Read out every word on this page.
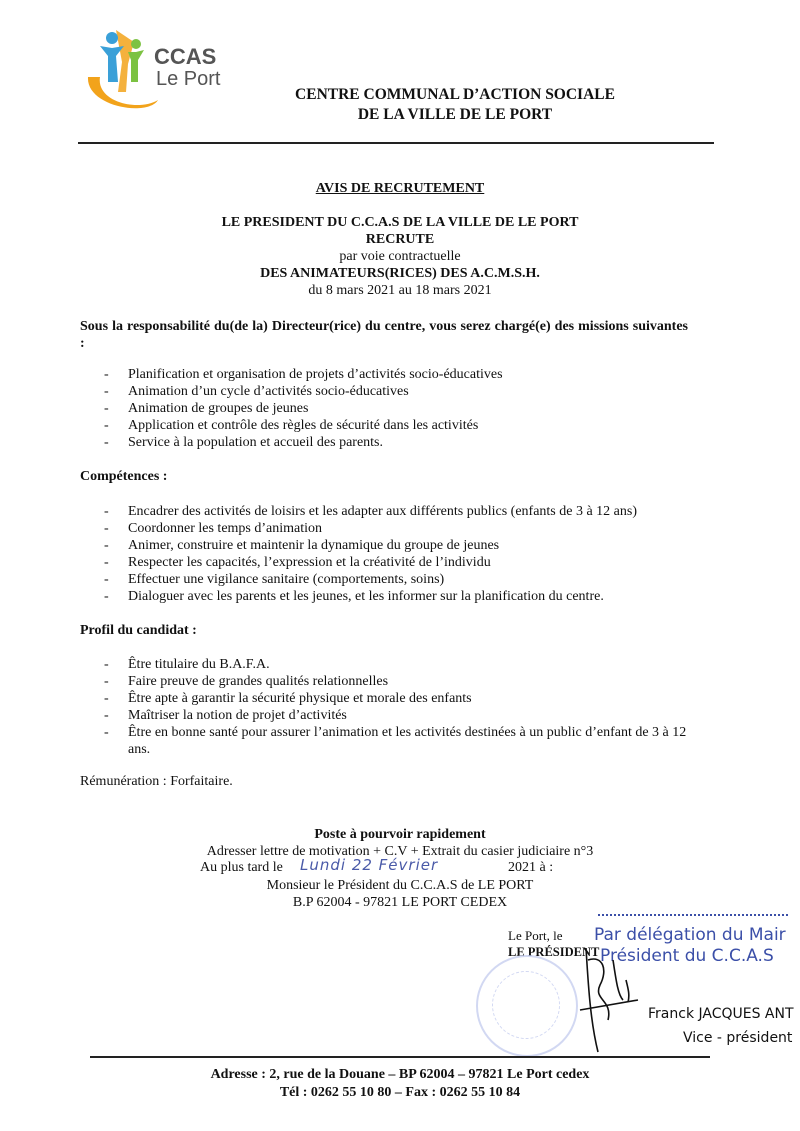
CCAS
Le Port
CENTRE COMMUNAL D’ACTION SOCIALE
DE LA VILLE DE LE PORT
AVIS DE RECRUTEMENT
LE PRESIDENT DU C.C.A.S DE LA VILLE DE LE PORT
RECRUTE
par voie contractuelle
DES ANIMATEURS(RICES) DES A.C.M.S.H.
du 8 mars 2021 au 18 mars 2021
Sous la responsabilité du(de la) Directeur(rice) du centre, vous serez chargé(e) des missions suivantes :
- Planification et organisation de projets d’activités socio-éducatives
- Animation d’un cycle d’activités socio-éducatives
- Animation de groupes de jeunes
- Application et contrôle des règles de sécurité dans les activités
- Service à la population et accueil des parents.
Compétences :
- Encadrer des activités de loisirs et les adapter aux différents publics (enfants de 3 à 12 ans)
- Coordonner les temps d’animation
- Animer, construire et maintenir la dynamique du groupe de jeunes
- Respecter les capacités, l’expression et la créativité de l’individu
- Effectuer une vigilance sanitaire (comportements, soins)
- Dialoguer avec les parents et les jeunes, et les informer sur la planification du centre.
Profil du candidat :
- Être titulaire du B.A.F.A.
- Faire preuve de grandes qualités relationnelles
- Être apte à garantir la sécurité physique et morale des enfants
- Maîtriser la notion de projet d’activités
- Être en bonne santé pour assurer l’animation et les activités destinées à un public d’enfant de 3 à 12 ans.
Rémunération : Forfaitaire.
Poste à pourvoir rapidement
Adresser lettre de motivation + C.V + Extrait du casier judiciaire n°3
Au plus tard le Lundi 22 Février	2021 à :
Monsieur le Président du C.C.A.S de LE PORT
B.P 62004 - 97821 LE PORT CEDEX
Le Port, le
LE PRÉSIDENT
Par délégation du Mair
Président du C.C.A.S
Franck JACQUES ANT
Vice - président
Adresse : 2, rue de la Douane – BP 62004 – 97821 Le Port cedex
Tél : 0262 55 10 80 – Fax : 0262 55 10 84
